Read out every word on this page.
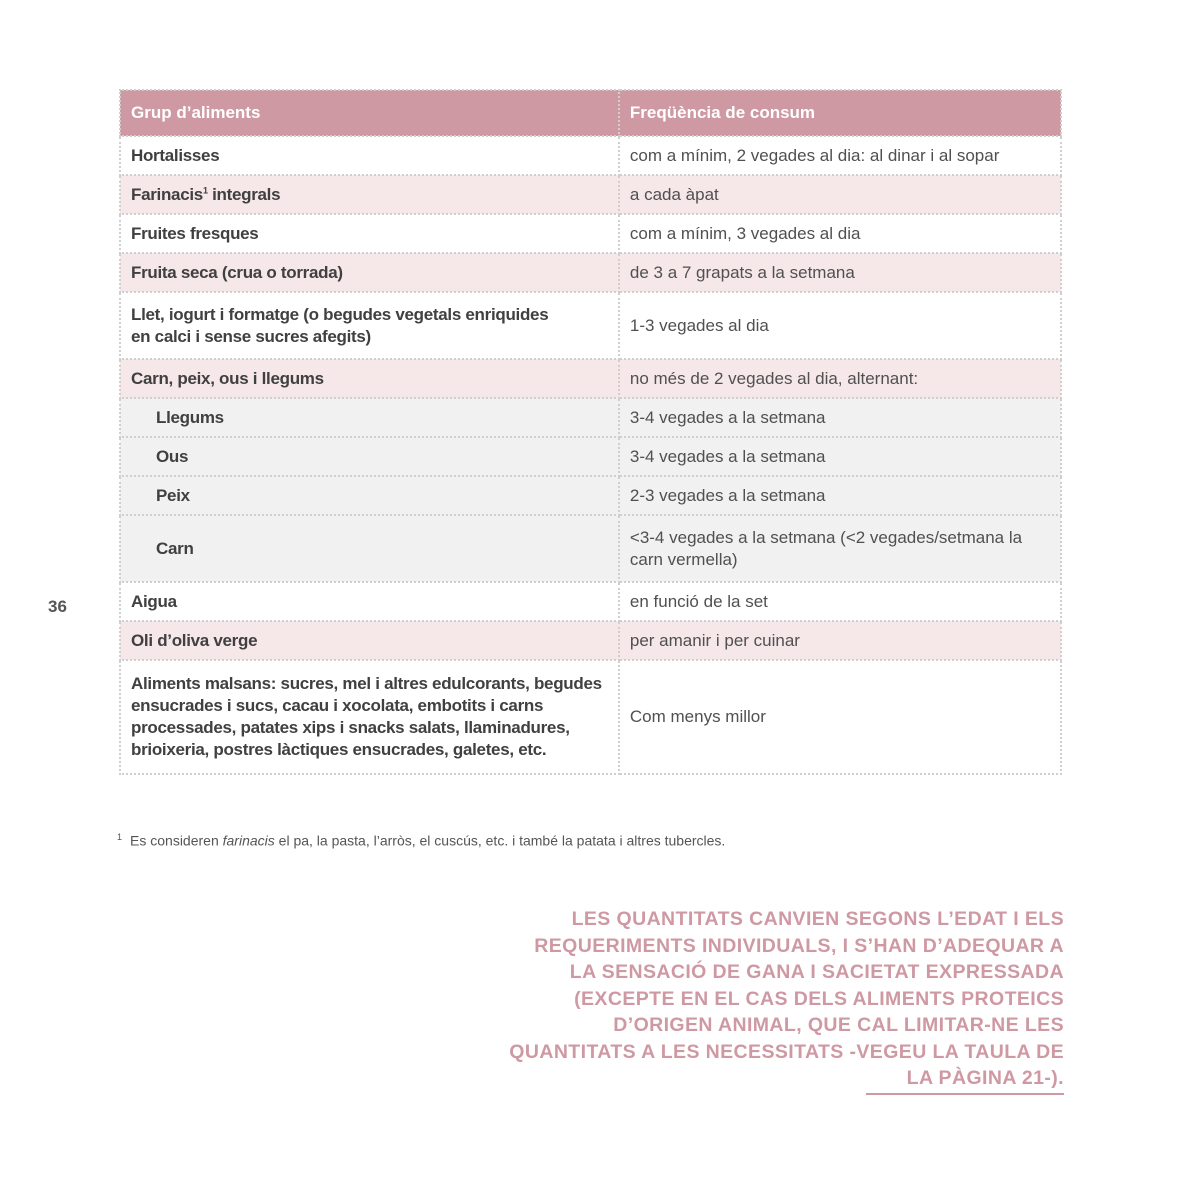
36
Grup d’aliments	Freqüència de consum
Hortalisses	com a mínim, 2 vegades al dia: al dinar i al sopar
Farinacis$^1$ integrals	a cada àpat
Fruites fresques	com a mínim, 3 vegades al dia
Fruita seca (crua o torrada)	de 3 a 7 grapats a la setmana
Llet, iogurt i formatge (o begudes vegetals enriquides en calci i sense sucres afegits)	1-3 vegades al dia
Carn, peix, ous i llegums	no més de 2 vegades al dia, alternant:
Llegums	3-4 vegades a la setmana
Ous	3-4 vegades a la setmana
Peix	2-3 vegades a la setmana
Carn	<3-4 vegades a la setmana (<2 vegades/setmana la carn vermella)
Aigua	en funció de la set
Oli d’oliva verge	per amanir i per cuinar
Aliments malsans: sucres, mel i altres edulcorants, begudes ensucrades i sucs, cacau i xocolata, embotits i carns processades, patates xips i snacks salats, llaminadures, brioixeria, postres làctiques ensucrades, galetes, etc.	Com menys millor
$^1$ Es consideren farinacis el pa, la pasta, l’arròs, el cuscús, etc. i també la patata i altres tubercles.
LES QUANTITATS CANVIEN SEGONS L’EDAT I ELS REQUERIMENTS INDIVIDUALS, I S’HAN D’ADEQUAR A LA SENSACIÓ DE GANA I SACIETAT EXPRESSADA (EXCEPTE EN EL CAS DELS ALIMENTS PROTEICS D’ORIGEN ANIMAL, QUE CAL LIMITAR-NE LES QUANTITATS A LES NECESSITATS -VEGEU LA TAULA DE LA PÀGINA 21-).
